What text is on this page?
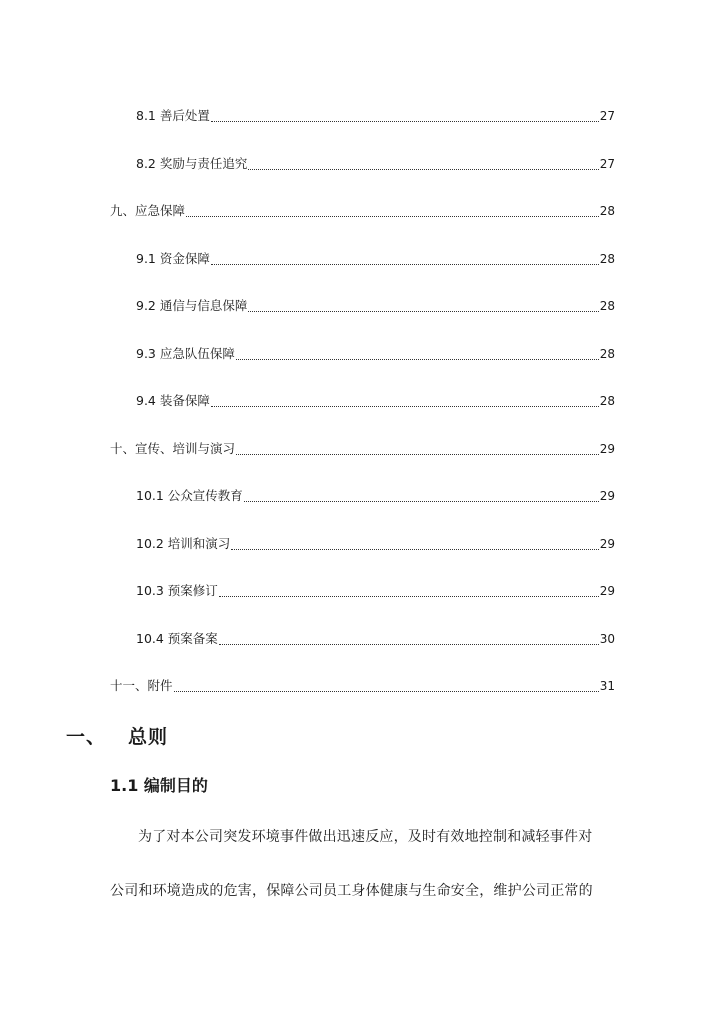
8.1 善后处置	27
8.2 奖励与责任追究	27
九、应急保障	28
9.1 资金保障	28
9.2 通信与信息保障	28
9.3 应急队伍保障	28
9.4 装备保障	28
十、宣传、培训与演习	29
10.1 公众宣传教育	29
10.2 培训和演习	29
10.3 预案修订	29
10.4 预案备案	30
十一、附件	31
一、 总则
1.1 编制目的
为了对本公司突发环境事件做出迅速反应，及时有效地控制和减轻事件对
公司和环境造成的危害，保障公司员工身体健康与生命安全，维护公司正常的
